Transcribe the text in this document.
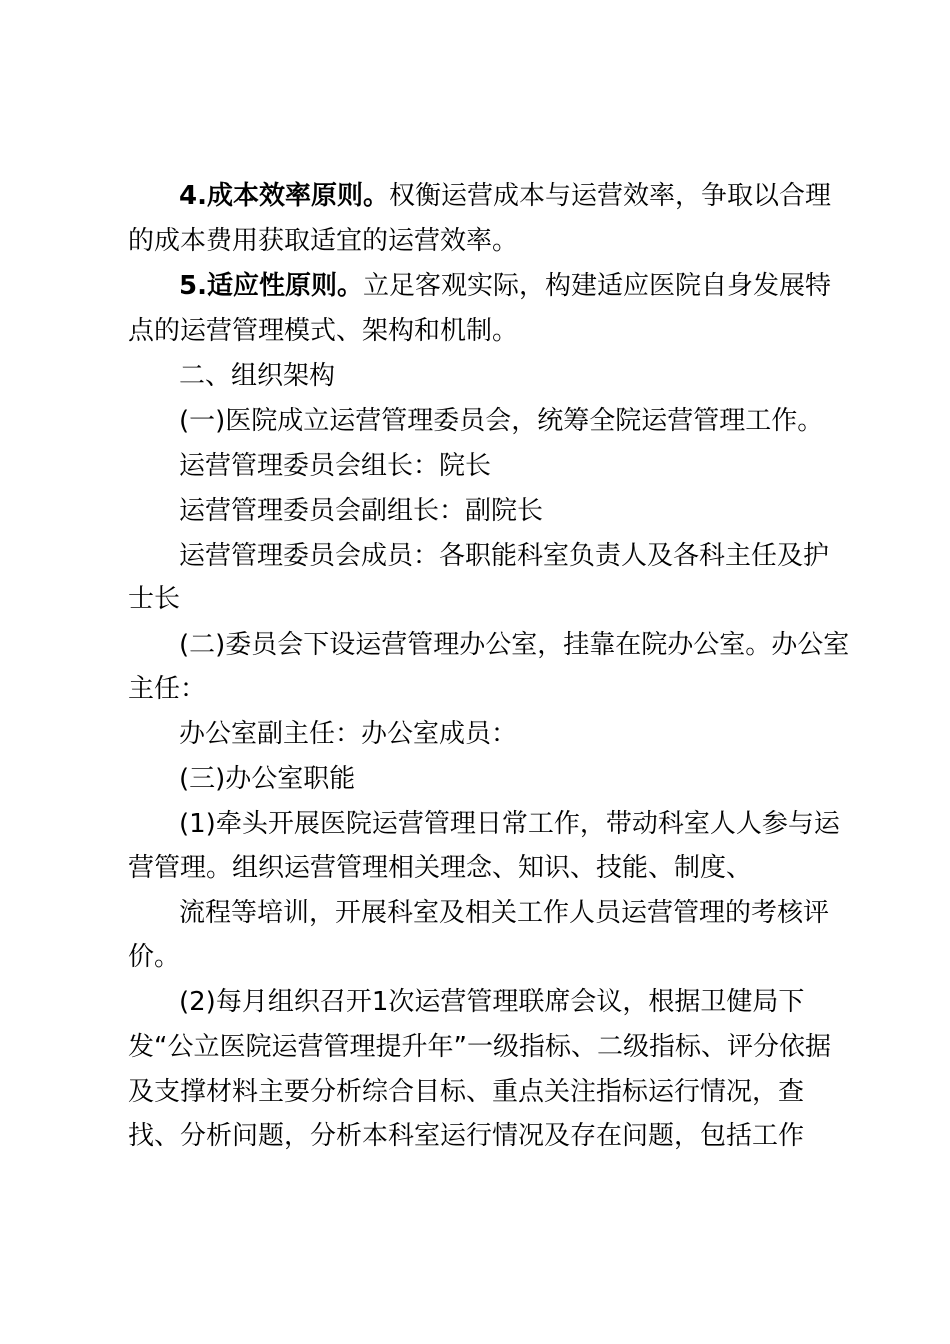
4.成本效率原则。权衡运营成本与运营效率，争取以合理
的成本费用获取适宜的运营效率。
5.适应性原则。立足客观实际，构建适应医院自身发展特
点的运营管理模式、架构和机制。
二、组织架构
(一)医院成立运营管理委员会，统筹全院运营管理工作。
运营管理委员会组长：院长
运营管理委员会副组长：副院长
运营管理委员会成员：各职能科室负责人及各科主任及护
士长
(二)委员会下设运营管理办公室，挂靠在院办公室。办公室
主任：
办公室副主任：办公室成员：
(三)办公室职能
(1)牵头开展医院运营管理日常工作，带动科室人人参与运
营管理。组织运营管理相关理念、知识、技能、制度、
流程等培训，开展科室及相关工作人员运营管理的考核评
价。
(2)每月组织召开1次运营管理联席会议，根据卫健局下
发“公立医院运营管理提升年”一级指标、二级指标、评分依据
及支撑材料主要分析综合目标、重点关注指标运行情况，查
找、分析问题，分析本科室运行情况及存在问题，包括工作
